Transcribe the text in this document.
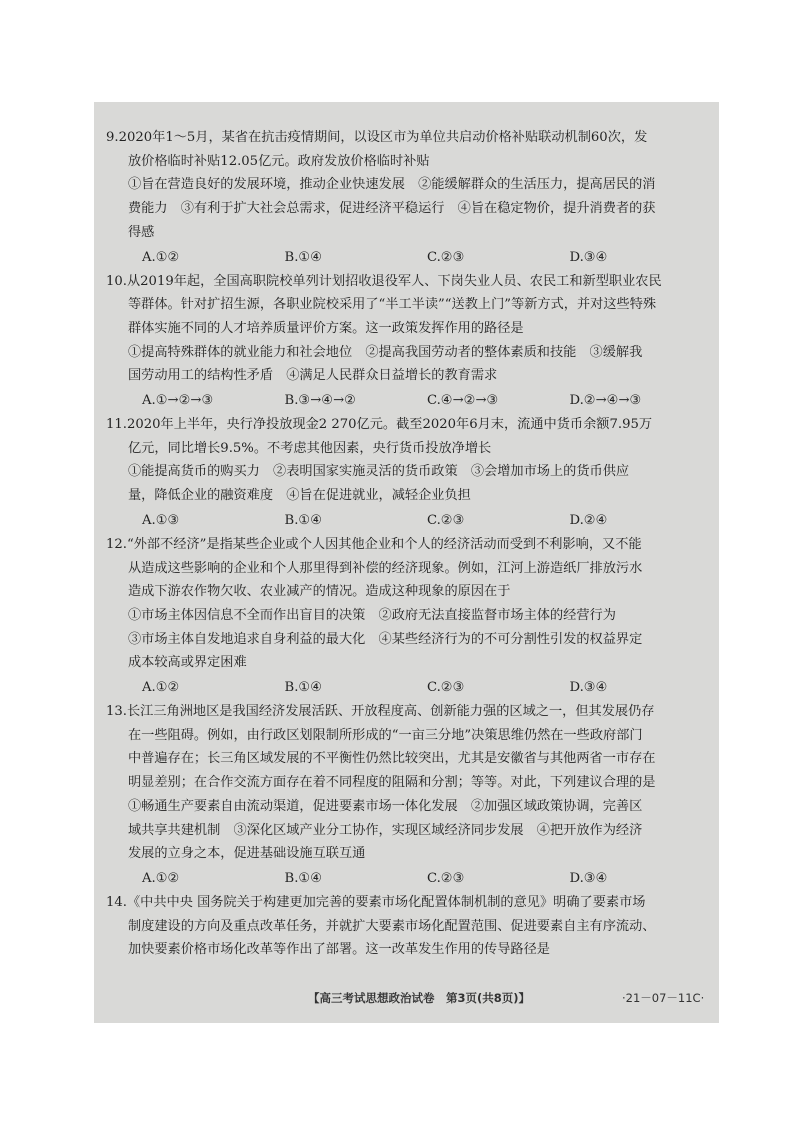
9.2020年1～5月，某省在抗击疫情期间，以设区市为单位共启动价格补贴联动机制60次，发
放价格临时补贴12.05亿元。政府发放价格临时补贴
①旨在营造良好的发展环境，推动企业快速发展　②能缓解群众的生活压力，提高居民的消
费能力　③有利于扩大社会总需求，促进经济平稳运行　④旨在稳定物价，提升消费者的获
得感
A.①②	B.①④	C.②③	D.③④
10.从2019年起，全国高职院校单列计划招收退役军人、下岗失业人员、农民工和新型职业农民
等群体。针对扩招生源，各职业院校采用了“半工半读”“送教上门”等新方式，并对这些特殊
群体实施不同的人才培养质量评价方案。这一政策发挥作用的路径是
①提高特殊群体的就业能力和社会地位　②提高我国劳动者的整体素质和技能　③缓解我
国劳动用工的结构性矛盾　④满足人民群众日益增长的教育需求
A.①→②→③	B.③→④→②	C.④→②→③	D.②→④→③
11.2020年上半年，央行净投放现金2 270亿元。截至2020年6月末，流通中货币余额7.95万
亿元，同比增长9.5%。不考虑其他因素，央行货币投放净增长
①能提高货币的购买力　②表明国家实施灵活的货币政策　③会增加市场上的货币供应
量，降低企业的融资难度　④旨在促进就业，减轻企业负担
A.①③	B.①④	C.②③	D.②④
12.“外部不经济”是指某些企业或个人因其他企业和个人的经济活动而受到不利影响，又不能
从造成这些影响的企业和个人那里得到补偿的经济现象。例如，江河上游造纸厂排放污水
造成下游农作物欠收、农业减产的情况。造成这种现象的原因在于
①市场主体因信息不全而作出盲目的决策　②政府无法直接监督市场主体的经营行为
③市场主体自发地追求自身利益的最大化　④某些经济行为的不可分割性引发的权益界定
成本较高或界定困难
A.①②	B.①④	C.②③	D.③④
13.长江三角洲地区是我国经济发展活跃、开放程度高、创新能力强的区域之一，但其发展仍存
在一些阻碍。例如，由行政区划限制所形成的“一亩三分地”决策思维仍然在一些政府部门
中普遍存在；长三角区域发展的不平衡性仍然比较突出，尤其是安徽省与其他两省一市存在
明显差别；在合作交流方面存在着不同程度的阻隔和分割；等等。对此，下列建议合理的是
①畅通生产要素自由流动渠道，促进要素市场一体化发展　②加强区域政策协调，完善区
域共享共建机制　③深化区域产业分工协作，实现区域经济同步发展　④把开放作为经济
发展的立身之本，促进基础设施互联互通
A.①②	B.①④	C.②③	D.③④
14.《中共中央 国务院关于构建更加完善的要素市场化配置体制机制的意见》明确了要素市场
制度建设的方向及重点改革任务，并就扩大要素市场化配置范围、促进要素自主有序流动、
加快要素价格市场化改革等作出了部署。这一改革发生作用的传导路径是
【高三考试思想政治试卷　第3页(共8页)】	·21－07－11C·
